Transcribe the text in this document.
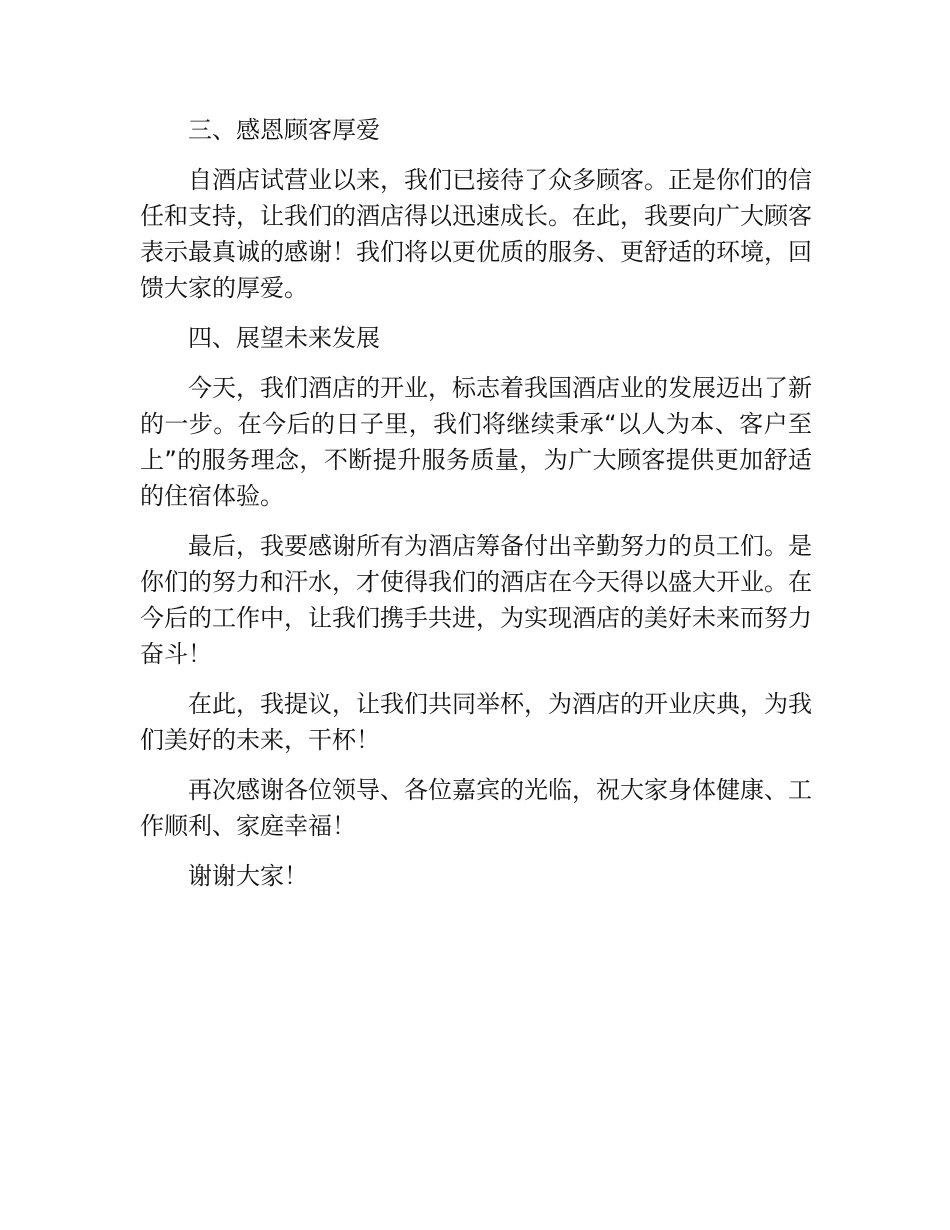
三、感恩顾客厚爱

自酒店试营业以来，我们已接待了众多顾客。正是你们的信任和支持，让我们的酒店得以迅速成长。在此，我要向广大顾客表示最真诚的感谢！我们将以更优质的服务、更舒适的环境，回馈大家的厚爱。

四、展望未来发展

今天，我们酒店的开业，标志着我国酒店业的发展迈出了新的一步。在今后的日子里，我们将继续秉承“以人为本、客户至上”的服务理念，不断提升服务质量，为广大顾客提供更加舒适的住宿体验。

最后，我要感谢所有为酒店筹备付出辛勤努力的员工们。是你们的努力和汗水，才使得我们的酒店在今天得以盛大开业。在今后的工作中，让我们携手共进，为实现酒店的美好未来而努力奋斗！

在此，我提议，让我们共同举杯，为酒店的开业庆典，为我们美好的未来，干杯！

再次感谢各位领导、各位嘉宾的光临，祝大家身体健康、工作顺利、家庭幸福！

谢谢大家！
